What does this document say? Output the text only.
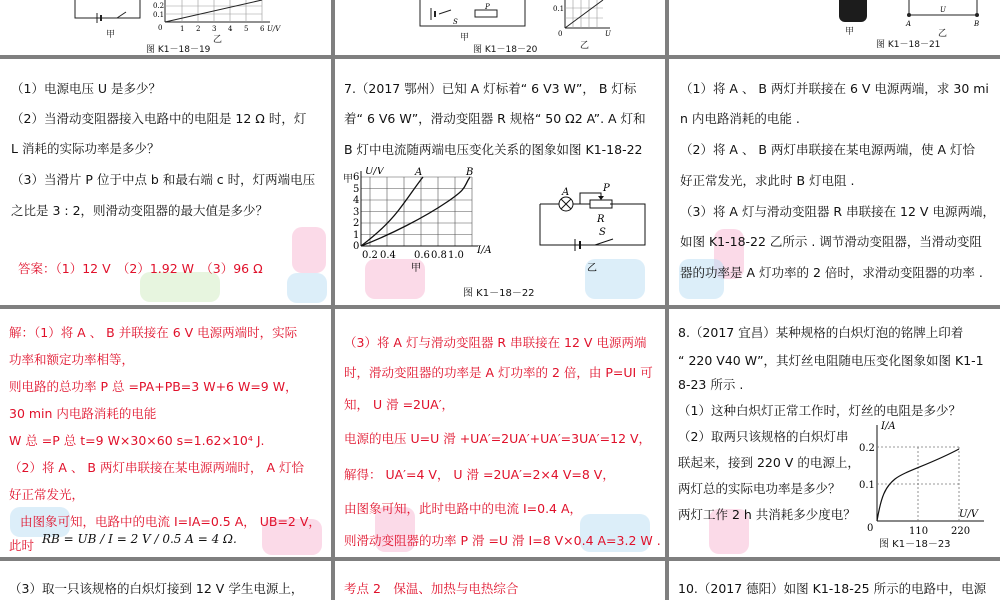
0.2
0.1
0	1 2 3 4 5 6 U/V
甲	乙
图 K1－18－19
0.1
0	U
S
P
甲
乙
图 K1－18－20
A
U
B
甲	乙
图 K1－18－21
（1）电源电压 U 是多少？
（2）当滑动变阻器接入电路中的电阻是 12 Ω 时，灯
L 消耗的实际功率是多少？
（3）当滑片 P 位于中点 b 和最右端 c 时，灯两端电压
之比是 3 : 2，则滑动变阻器的最大值是多少？
答案：（1）12 V　（2）1.92 W　（3）96 Ω
7.（2017 鄂州）已知 A 灯标着“ 6 V3 W”， B 灯标
着“ 6 V6 W”，滑动变阻器 R 规格“ 50 Ω2 A”. A 灯和
B 灯中电流随两端电压变化关系的图象如图 K1-18-22
U/V
I/A
A	B
0
1
2
3
4
5
6
0.2 0.4 0.6 0.8 1.0
甲
甲
A	P
R
S
乙
图 K1－18－22
（1）将 A 、 B 两灯并联接在 6 V 电源两端，求 30 mi
n 内电路消耗的电能 .
（2）将 A 、 B 两灯串联接在某电源两端，使 A 灯恰
好正常发光，求此时 B 灯电阻 .
（3）将 A 灯与滑动变阻器 R 串联接在 12 V 电源两端，
如图 K1-18-22 乙所示 . 调节滑动变阻器，当滑动变阻
器的功率是 A 灯功率的 2 倍时，求滑动变阻器的功率 .
解：（1）将 A 、 B 并联接在 6 V 电源两端时，实际
功率和额定功率相等，
则电路的总功率 P 总 =PA+PB=3 W+6 W=9 W，
30 min 内电路消耗的电能
W 总 =P 总 t=9 W×30×60 s=1.62×10⁴ J.
（2）将 A 、 B 两灯串联接在某电源两端时， A 灯恰
好正常发光，
由图象可知，电路中的电流 I=IA=0.5 A， UB=2 V，
此时 RB = UB / I = 2 V / 0.5 A = 4 Ω.
（3）将 A 灯与滑动变阻器 R 串联接在 12 V 电源两端
时，滑动变阻器的功率是 A 灯功率的 2 倍，由 P=UI 可
知， U 滑 =2UA′，
电源的电压 U=U 滑 +UA′=2UA′+UA′=3UA′=12 V，
解得： UA′=4 V， U 滑 =2UA′=2×4 V=8 V，
由图象可知，此时电路中的电流 I=0.4 A，
则滑动变阻器的功率 P 滑 =U 滑 I=8 V×0.4 A=3.2 W .
8.（2017 宜昌）某种规格的白炽灯泡的铭牌上印着
“ 220 V40 W”，其灯丝电阻随电压变化图象如图 K1-1
8-23 所示 .
（1）这种白炽灯正常工作时，灯丝的电阻是多少？
（2）取两只该规格的白炽灯串
联起来，接到 220 V 的电源上，
两灯总的实际电功率是多少？
两灯工作 2 h 共消耗多少度电？
I/A
U/V
0.2
0.1
0	110 220
图 K1－18－23
（3）取一只该规格的白炽灯接到 12 V 学生电源上，	考点 2　保温、加热与电热综合	10.（2017 德阳）如图 K1-18-25 所示的电路中，电源
